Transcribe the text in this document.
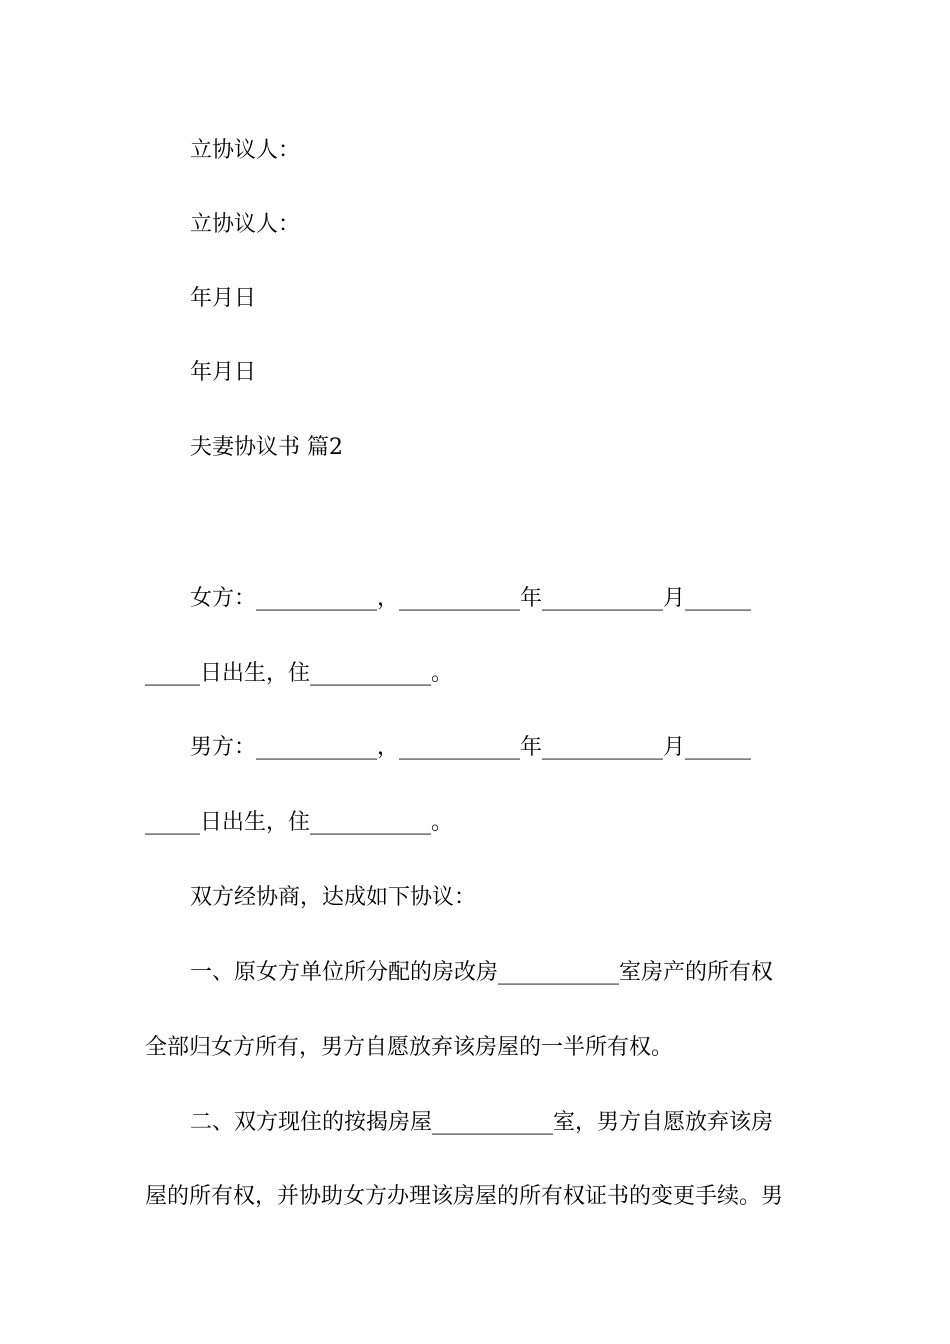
立协议人：
立协议人：
年月日
年月日
夫妻协议书 篇2
女方：___________，___________年___________月______
_____日出生，住___________。
男方：___________，___________年___________月______
_____日出生，住___________。
双方经协商，达成如下协议：
一、原女方单位所分配的房改房___________室房产的所有权
全部归女方所有，男方自愿放弃该房屋的一半所有权。
二、双方现住的按揭房屋___________室，男方自愿放弃该房
屋的所有权，并协助女方办理该房屋的所有权证书的变更手续。男
